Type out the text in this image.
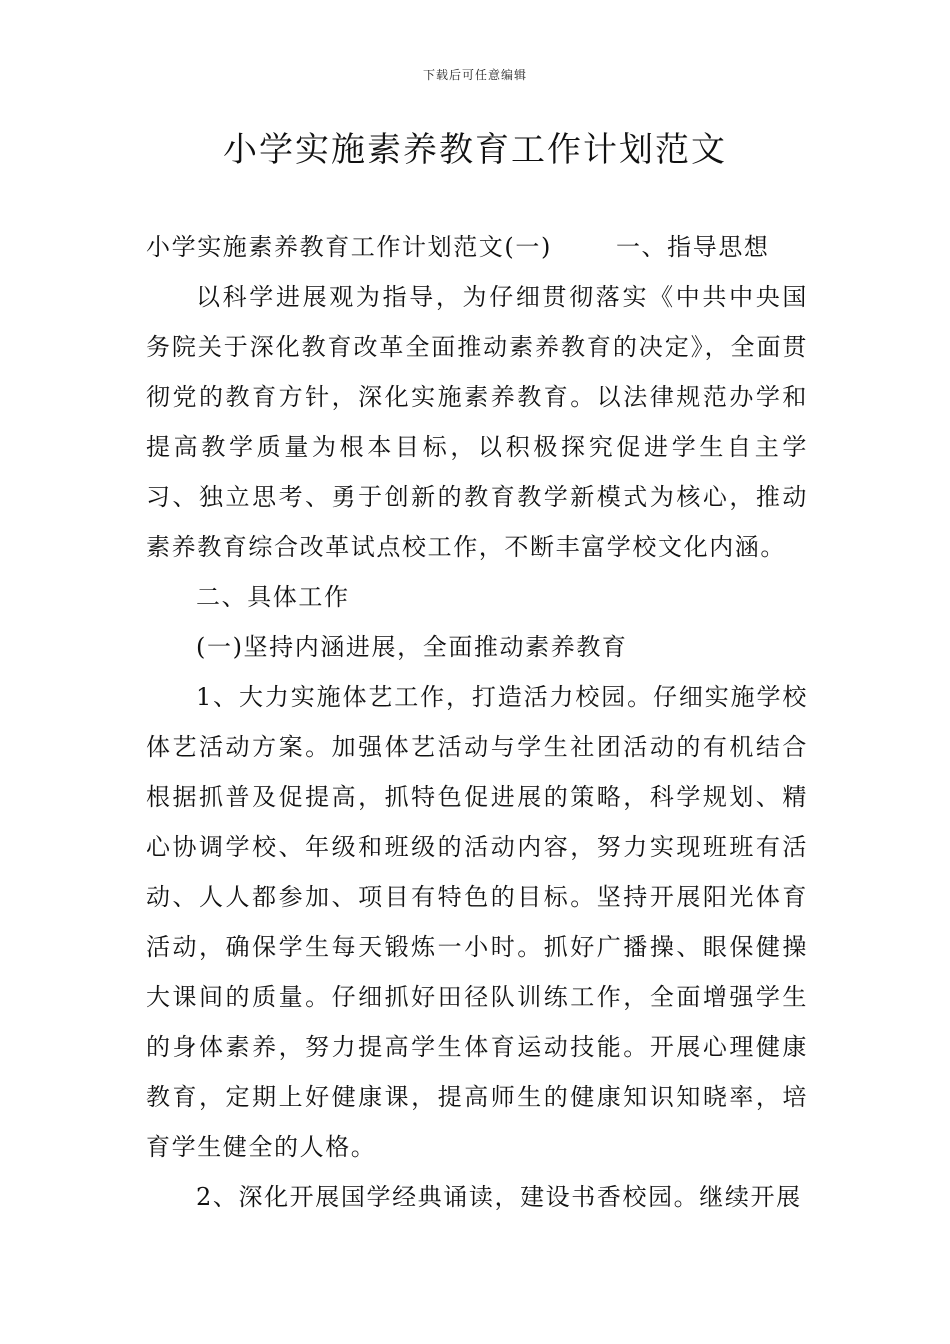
下载后可任意编辑
小学实施素养教育工作计划范文

小学实施素养教育工作计划范文(一)	一、指导思想

以科学进展观为指导，为仔细贯彻落实《中共中央国务院关于深化教育改革全面推动素养教育的决定》，全面贯彻党的教育方针，深化实施素养教育。以法律规范办学和提高教学质量为根本目标，以积极探究促进学生自主学习、独立思考、勇于创新的教育教学新模式为核心，推动素养教育综合改革试点校工作，不断丰富学校文化内涵。

二、具体工作

(一)坚持内涵进展，全面推动素养教育

1、大力实施体艺工作，打造活力校园。仔细实施学校体艺活动方案。加强体艺活动与学生社团活动的有机结合根据抓普及促提高，抓特色促进展的策略，科学规划、精心协调学校、年级和班级的活动内容，努力实现班班有活动、人人都参加、项目有特色的目标。坚持开展阳光体育活动，确保学生每天锻炼一小时。抓好广播操、眼保健操大课间的质量。仔细抓好田径队训练工作，全面增强学生的身体素养，努力提高学生体育运动技能。开展心理健康教育，定期上好健康课，提高师生的健康知识知晓率，培育学生健全的人格。

2、深化开展国学经典诵读，建设书香校园。继续开展
